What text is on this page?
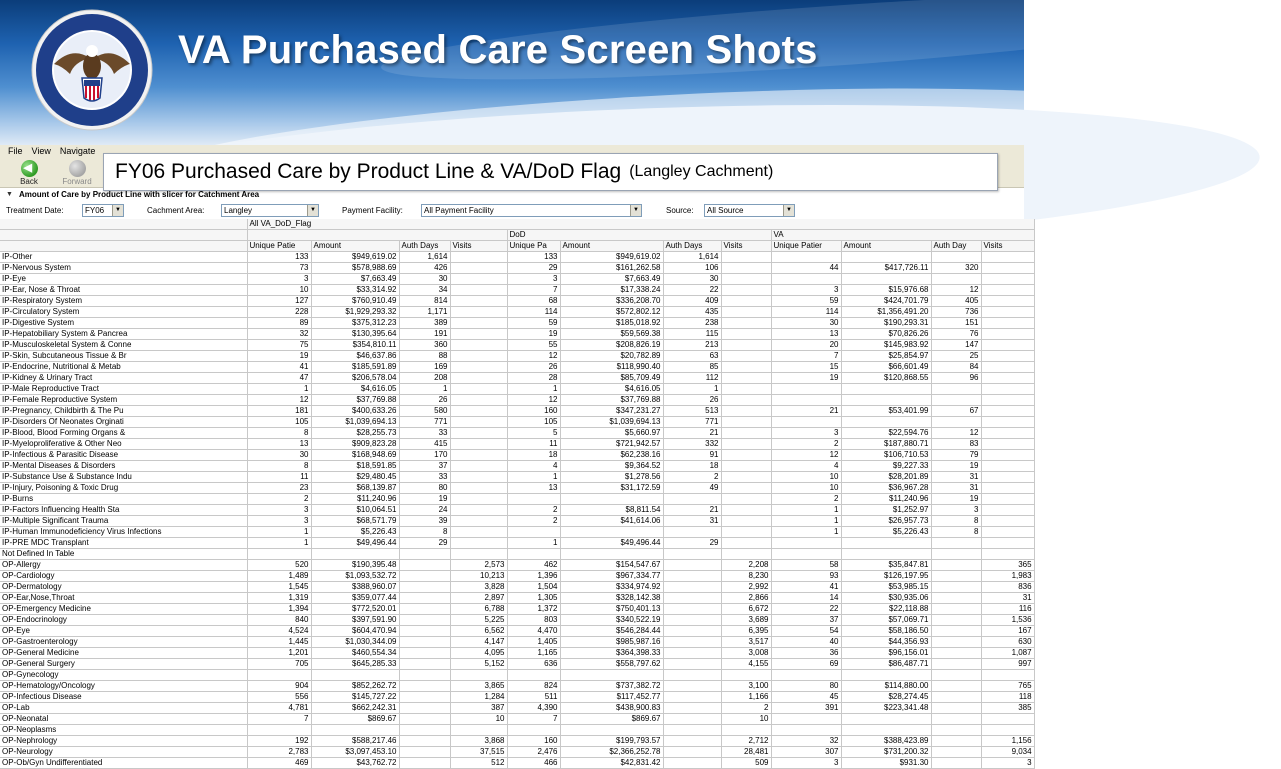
VA Purchased Care Screen Shots
File View Navigate
◀
Back	Forward FY06 Purchased Care by Product Line & VA/DoD Flag (Langley Cachment)
▼ Amount of Care by Product Line with slicer for Catchment Area
Treatment Date:	FY06	▼	Cachment Area:	Langley	▼	Payment Facility:	All Payment Facility	▼	Source:	All Source	▼
	All VA_DoD_Flag											
					DoD				VA			
	Unique Patie	Amount	Auth Days	Visits	Unique Pa	Amount	Auth Days	Visits	Unique Patier	Amount	Auth Day	Visits
IP-Other	133	$949,619.02	1,614		133	$949,619.02	1,614					
IP-Nervous System	73	$578,988.69	426		29	$161,262.58	106		44	$417,726.11	320	
IP-Eye	3	$7,663.49	30		3	$7,663.49	30					
IP-Ear, Nose & Throat	10	$33,314.92	34		7	$17,338.24	22		3	$15,976.68	12	
IP-Respiratory System	127	$760,910.49	814		68	$336,208.70	409		59	$424,701.79	405	
IP-Circulatory System	228	$1,929,293.32	1,171		114	$572,802.12	435		114	$1,356,491.20	736	
IP-Digestive System	89	$375,312.23	389		59	$185,018.92	238		30	$190,293.31	151	
IP-Hepatobiliary System & Pancrea	32	$130,395.64	191		19	$59,569.38	115		13	$70,826.26	76	
IP-Musculoskeletal System & Conne	75	$354,810.11	360		55	$208,826.19	213		20	$145,983.92	147	
IP-Skin, Subcutaneous Tissue & Br	19	$46,637.86	88		12	$20,782.89	63		7	$25,854.97	25	
IP-Endocrine, Nutritional & Metab	41	$185,591.89	169		26	$118,990.40	85		15	$66,601.49	84	
IP-Kidney & Urinary Tract	47	$206,578.04	208		28	$85,709.49	112		19	$120,868.55	96	
IP-Male Reproductive Tract	1	$4,616.05	1		1	$4,616.05	1					
IP-Female Reproductive System	12	$37,769.88	26		12	$37,769.88	26					
IP-Pregnancy, Childbirth & The Pu	181	$400,633.26	580		160	$347,231.27	513		21	$53,401.99	67	
IP-Disorders Of Neonates Orginati	105	$1,039,694.13	771		105	$1,039,694.13	771					
IP-Blood, Blood Forming Organs &	8	$28,255.73	33		5	$5,660.97	21		3	$22,594.76	12	
IP-Myeloproliferative & Other Neo	13	$909,823.28	415		11	$721,942.57	332		2	$187,880.71	83	
IP-Infectious & Parasitic Disease	30	$168,948.69	170		18	$62,238.16	91		12	$106,710.53	79	
IP-Mental Diseases & Disorders	8	$18,591.85	37		4	$9,364.52	18		4	$9,227.33	19	
IP-Substance Use & Substance Indu	11	$29,480.45	33		1	$1,278.56	2		10	$28,201.89	31	
IP-Injury, Poisoning & Toxic Drug	23	$68,139.87	80		13	$31,172.59	49		10	$36,967.28	31	
IP-Burns	2	$11,240.96	19						2	$11,240.96	19	
IP-Factors Influencing Health Sta	3	$10,064.51	24		2	$8,811.54	21		1	$1,252.97	3	
IP-Multiple Significant Trauma	3	$68,571.79	39		2	$41,614.06	31		1	$26,957.73	8	
IP-Human Immunodeficiency Virus Infections	1	$5,226.43	8						1	$5,226.43	8	
IP-PRE MDC Transplant	1	$49,496.44	29		1	$49,496.44	29					
Not Defined In Table												
OP-Allergy	520	$190,395.48		2,573	462	$154,547.67		2,208	58	$35,847.81		365
OP-Cardiology	1,489	$1,093,532.72		10,213	1,396	$967,334.77		8,230	93	$126,197.95		1,983
OP-Dermatology	1,545	$388,960.07		3,828	1,504	$334,974.92		2,992	41	$53,985.15		836
OP-Ear,Nose,Throat	1,319	$359,077.44		2,897	1,305	$328,142.38		2,866	14	$30,935.06		31
OP-Emergency Medicine	1,394	$772,520.01		6,788	1,372	$750,401.13		6,672	22	$22,118.88		116
OP-Endocrinology	840	$397,591.90		5,225	803	$340,522.19		3,689	37	$57,069.71		1,536
OP-Eye	4,524	$604,470.94		6,562	4,470	$546,284.44		6,395	54	$58,186.50		167
OP-Gastroenterology	1,445	$1,030,344.09		4,147	1,405	$985,987.16		3,517	40	$44,356.93		630
OP-General Medicine	1,201	$460,554.34		4,095	1,165	$364,398.33		3,008	36	$96,156.01		1,087
OP-General Surgery	705	$645,285.33		5,152	636	$558,797.62		4,155	69	$86,487.71		997
OP-Gynecology												
OP-Hematology/Oncology	904	$852,262.72		3,865	824	$737,382.72		3,100	80	$114,880.00		765
OP-Infectious Disease	556	$145,727.22		1,284	511	$117,452.77		1,166	45	$28,274.45		118
OP-Lab	4,781	$662,242.31		387	4,390	$438,900.83		2	391	$223,341.48		385
OP-Neonatal	7	$869.67		10	7	$869.67		10				
OP-Neoplasms												
OP-Nephrology	192	$588,217.46		3,868	160	$199,793.57		2,712	32	$388,423.89		1,156
OP-Neurology	2,783	$3,097,453.10		37,515	2,476	$2,366,252.78		28,481	307	$731,200.32		9,034
OP-Ob/Gyn Undifferentiated	469	$43,762.72		512	466	$42,831.42		509	3	$931.30		3
